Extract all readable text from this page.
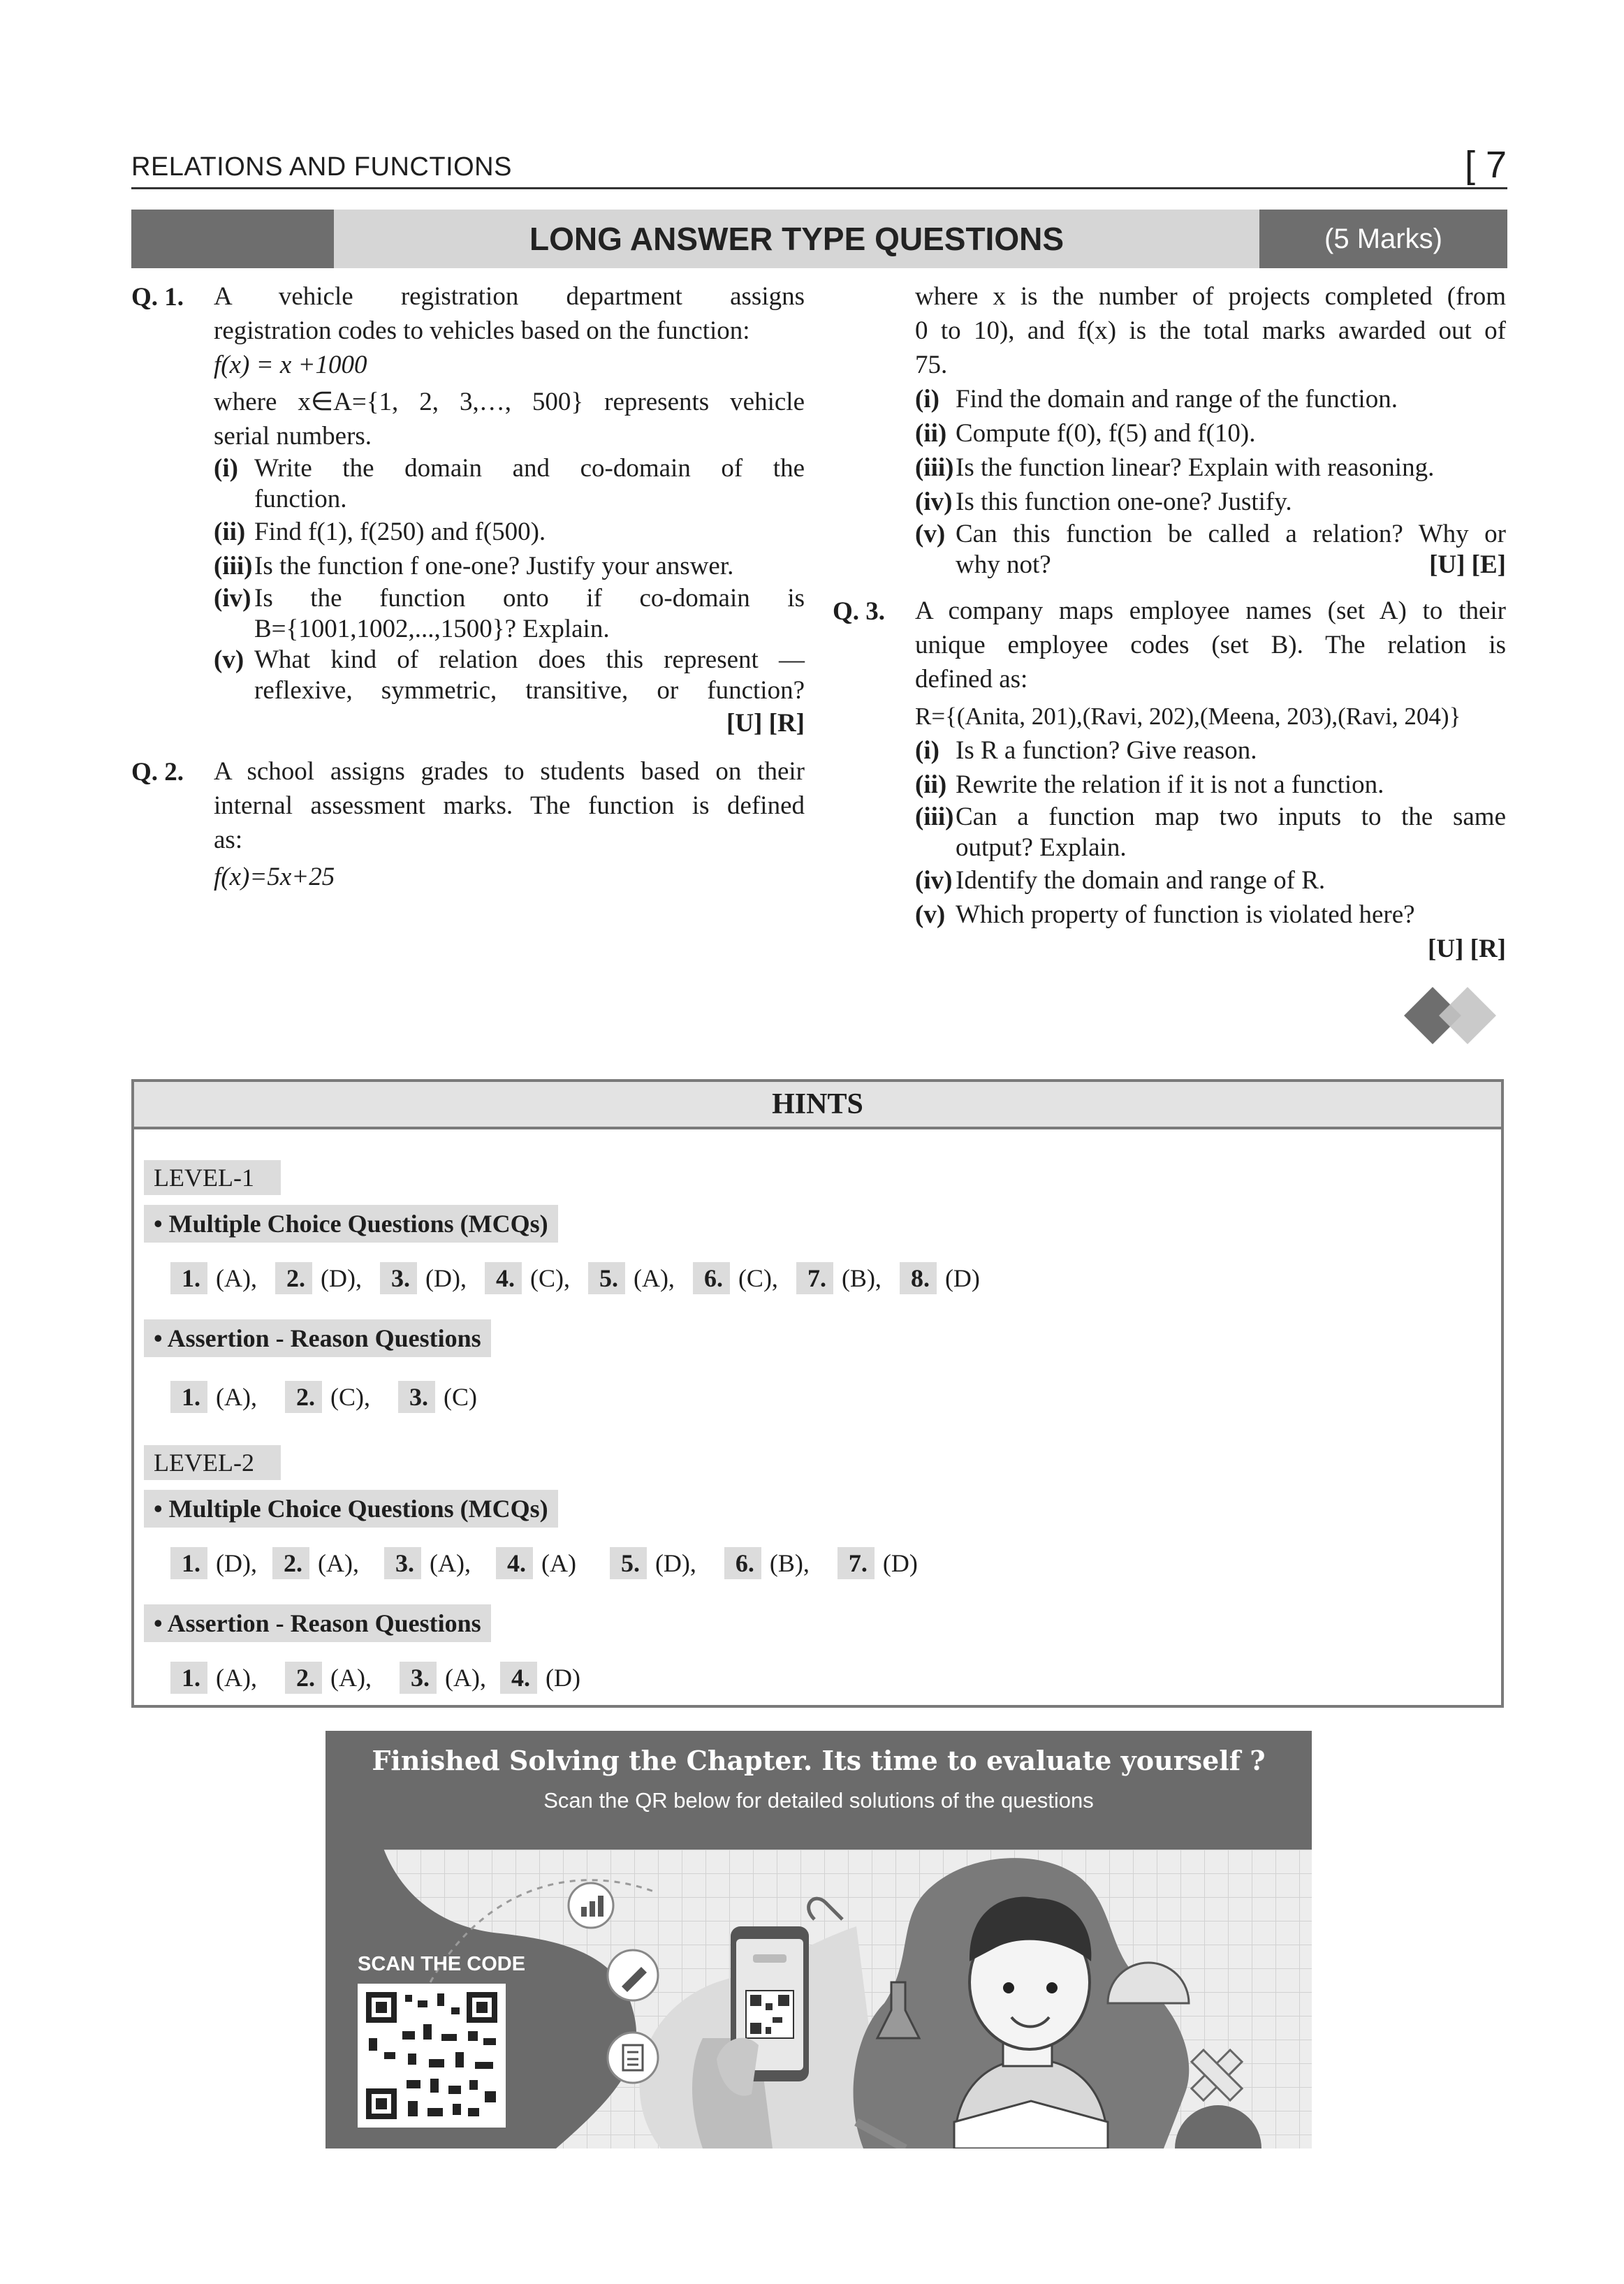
RELATIONS AND FUNCTIONS	[ 7
LONG ANSWER TYPE QUESTIONS	(5 Marks)
Q. 1. A vehicle registration department assigns

registration codes to vehicles based on the function:

f(x) = x +1000

where x∈A={1, 2, 3,…, 500} represents vehicle

serial numbers.

(i) Write the domain and co-domain of the

function.

(ii) Find f(1), f(250) and f(500).

(iii) Is the function f one-one? Justify your answer.

(iv) Is the function onto if co-domain is

B={1001,1002,...,1500}? Explain.

(v) What kind of relation does this represent —

reflexive, symmetric, transitive, or function?

[U] [R]

Q. 2. A school assigns grades to students based on their

internal assessment marks. The function is defined

as:

f(x)=5x+25

where x is the number of projects completed (from

0 to 10), and f(x) is the total marks awarded out of

75.

(i) Find the domain and range of the function.

(ii) Compute f(0), f(5) and f(10).

(iii) Is the function linear? Explain with reasoning.

(iv) Is this function one-one? Justify.

(v) Can this function be called a relation? Why or

why not?	[U] [E]
Q. 3. A company maps employee names (set A) to their

unique employee codes (set B). The relation is

defined as:

R={(Anita, 201),(Ravi, 202),(Meena, 203),(Ravi, 204)}

(i) Is R a function? Give reason.

(ii) Rewrite the relation if it is not a function.

(iii) Can a function map two inputs to the same

output? Explain.

(iv) Identify the domain and range of R.

(v) Which property of function is violated here?

[U] [R]

HINTS
LEVEL-1
• Multiple Choice Questions (MCQs)
1. (A),	2. (D),	3. (D),	4. (C),	5. (A),	6. (C),	7. (B),	8. (D)
• Assertion - Reason Questions
1. (A),	2. (C),	3. (C)
LEVEL-2
• Multiple Choice Questions (MCQs)
1. (D),	2. (A),	3. (A),	4. (A)	5. (D),	6. (B),	7. (D)
• Assertion - Reason Questions
1. (A),	2. (A),	3. (A),	4. (D)
Finished Solving the Chapter. Its time to evaluate yourself ?
Scan the QR below for detailed solutions of the questions
SCAN THE CODE
